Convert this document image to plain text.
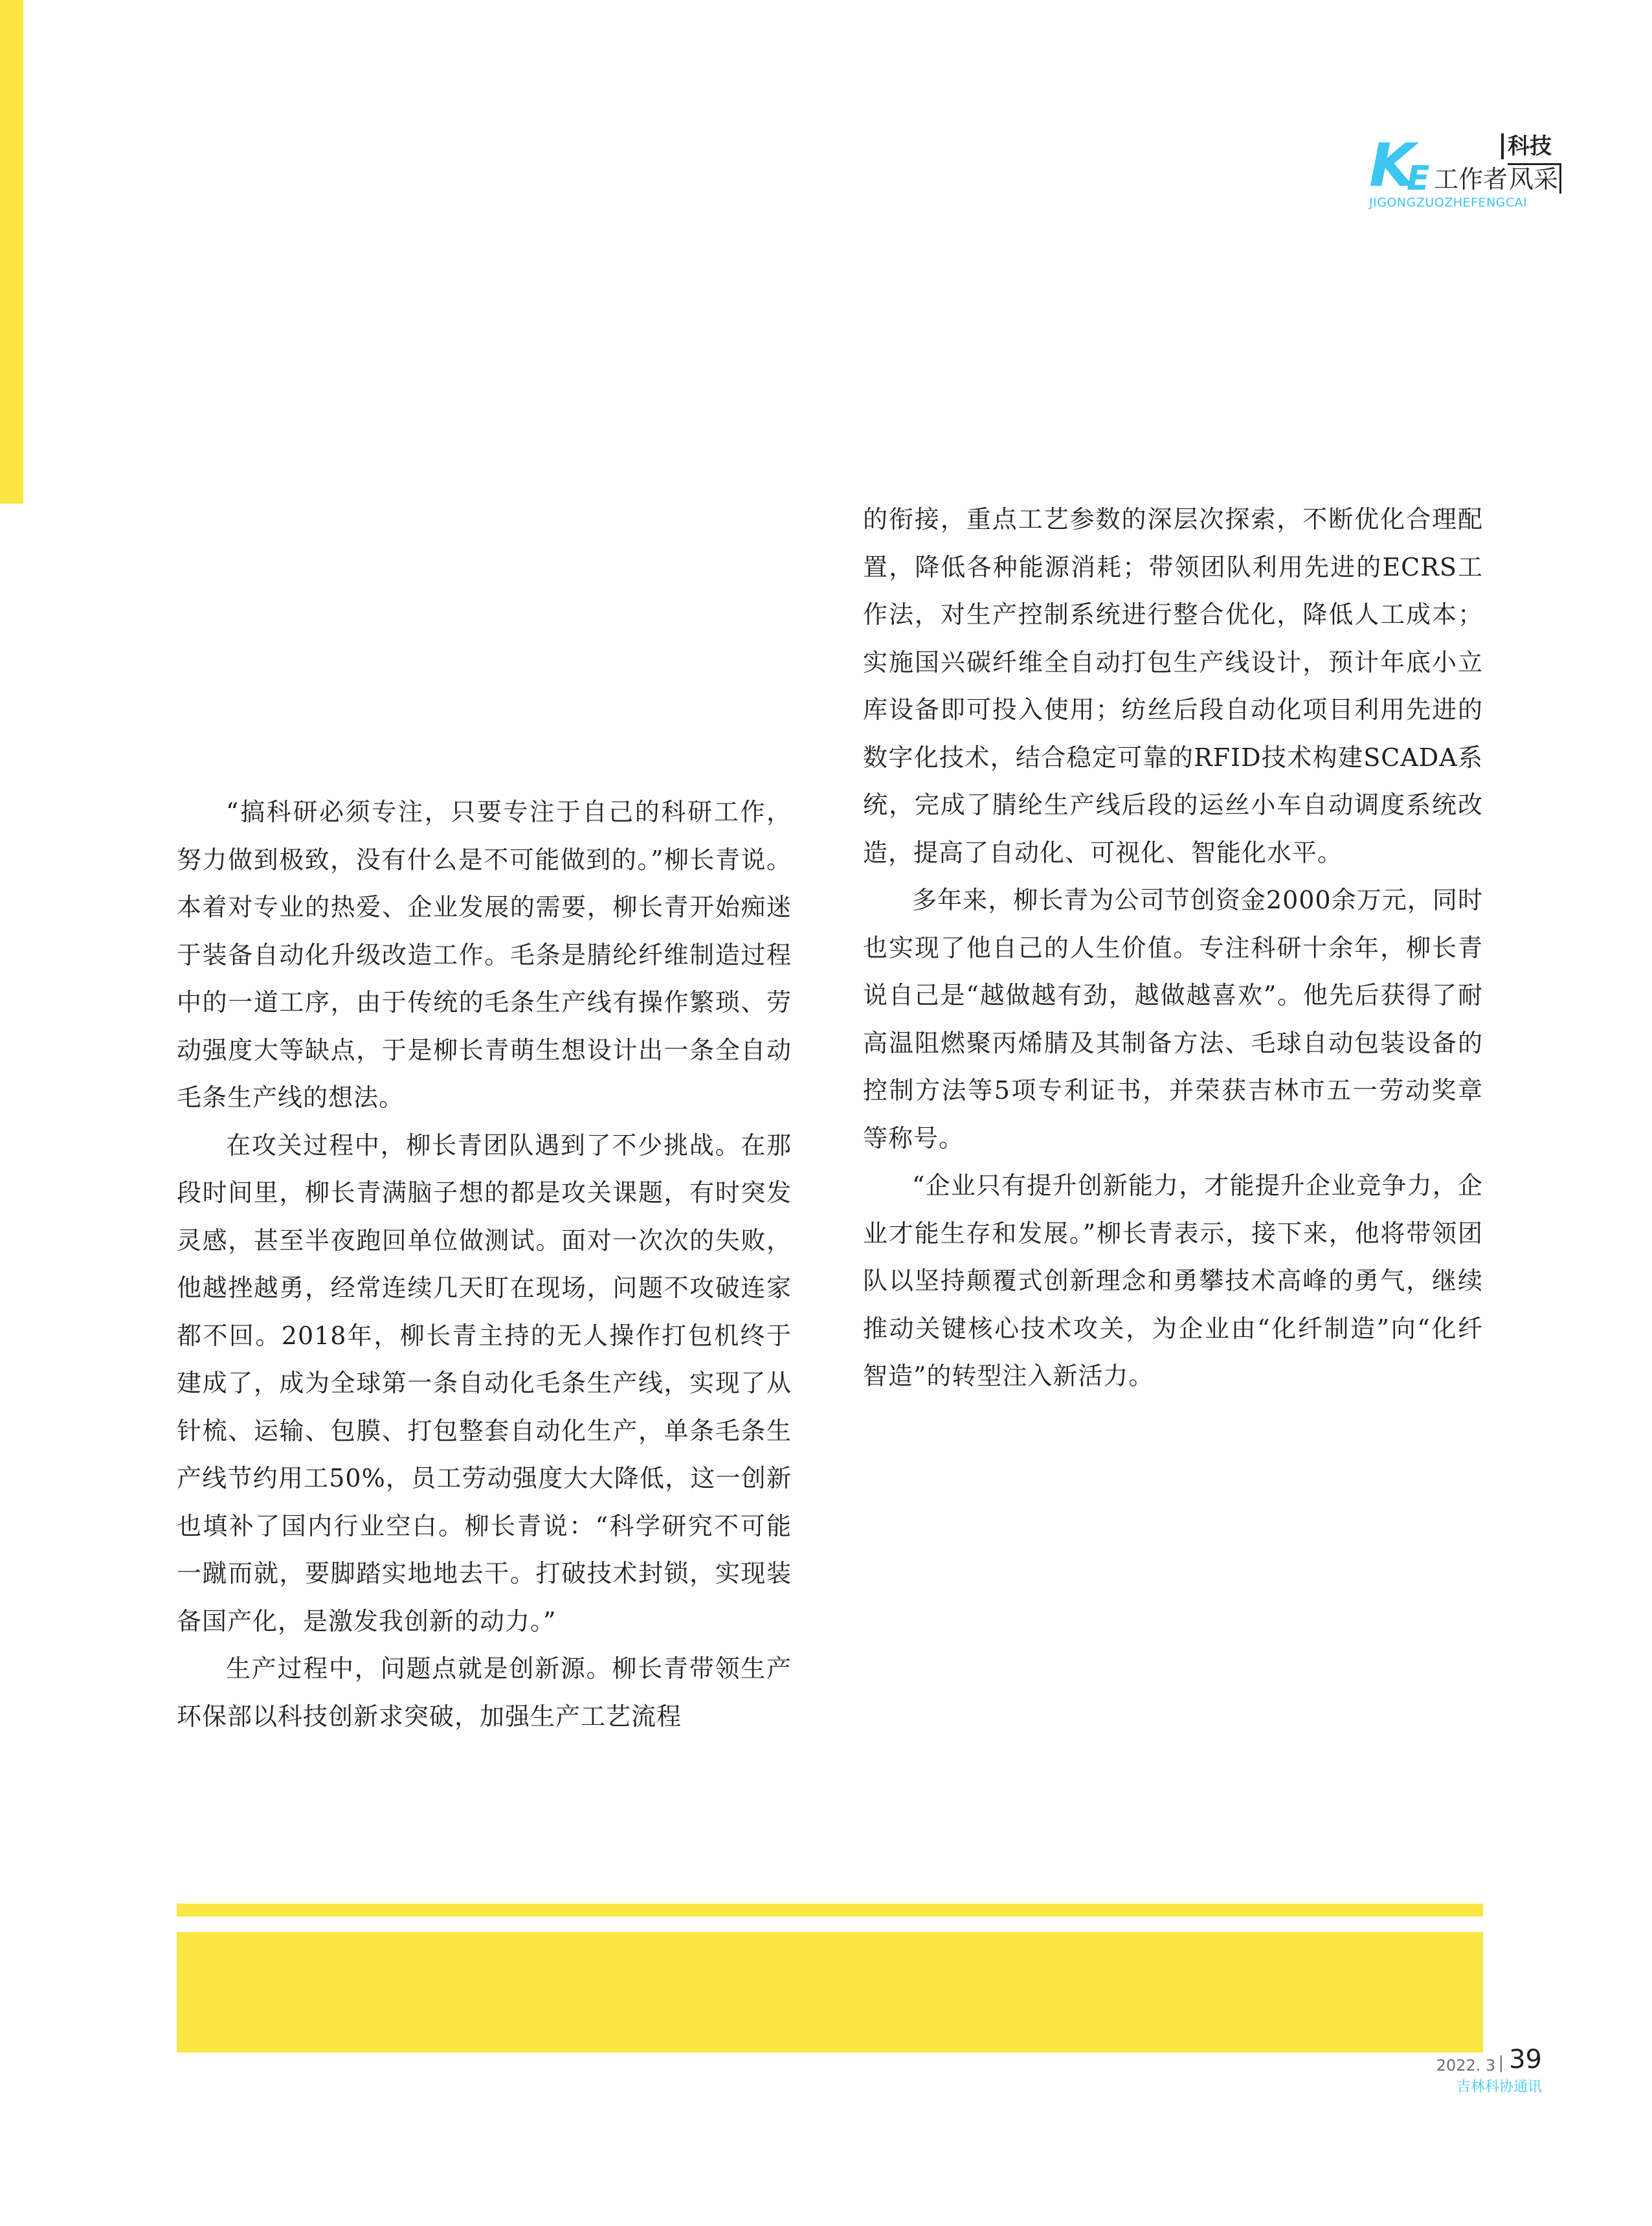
K
E
科技
工作者风采
JIGONGZUOZHEFENGCAI

“搞科研必须专注，只要专注于自己的科研工作，努力做到极致，没有什么是不可能做到的。”柳长青说。本着对专业的热爱、企业发展的需要，柳长青开始痴迷于装备自动化升级改造工作。毛条是腈纶纤维制造过程中的一道工序，由于传统的毛条生产线有操作繁琐、劳动强度大等缺点，于是柳长青萌生想设计出一条全自动毛条生产线的想法。

在攻关过程中，柳长青团队遇到了不少挑战。在那段时间里，柳长青满脑子想的都是攻关课题，有时突发灵感，甚至半夜跑回单位做测试。面对一次次的失败，他越挫越勇，经常连续几天盯在现场，问题不攻破连家都不回。2018年，柳长青主持的无人操作打包机终于建成了，成为全球第一条自动化毛条生产线，实现了从针梳、运输、包膜、打包整套自动化生产，单条毛条生产线节约用工50%，员工劳动强度大大降低，这一创新也填补了国内行业空白。柳长青说：“科学研究不可能一蹴而就，要脚踏实地地去干。打破技术封锁，实现装备国产化，是激发我创新的动力。”

生产过程中，问题点就是创新源。柳长青带领生产环保部以科技创新求突破，加强生产工艺流程

的衔接，重点工艺参数的深层次探索，不断优化合理配置，降低各种能源消耗；带领团队利用先进的ECRS工作法，对生产控制系统进行整合优化，降低人工成本；实施国兴碳纤维全自动打包生产线设计，预计年底小立库设备即可投入使用；纺丝后段自动化项目利用先进的数字化技术，结合稳定可靠的RFID技术构建SCADA系统，完成了腈纶生产线后段的运丝小车自动调度系统改造，提高了自动化、可视化、智能化水平。

多年来，柳长青为公司节创资金2000余万元，同时也实现了他自己的人生价值。专注科研十余年，柳长青说自己是“越做越有劲，越做越喜欢”。他先后获得了耐高温阻燃聚丙烯腈及其制备方法、毛球自动包装设备的控制方法等5项专利证书，并荣获吉林市五一劳动奖章等称号。

“企业只有提升创新能力，才能提升企业竞争力，企业才能生存和发展。”柳长青表示，接下来，他将带领团队以坚持颠覆式创新理念和勇攀技术高峰的勇气，继续推动关键核心技术攻关，为企业由“化纤制造”向“化纤智造”的转型注入新活力。

2022. 3 | 39
吉林科协通讯
